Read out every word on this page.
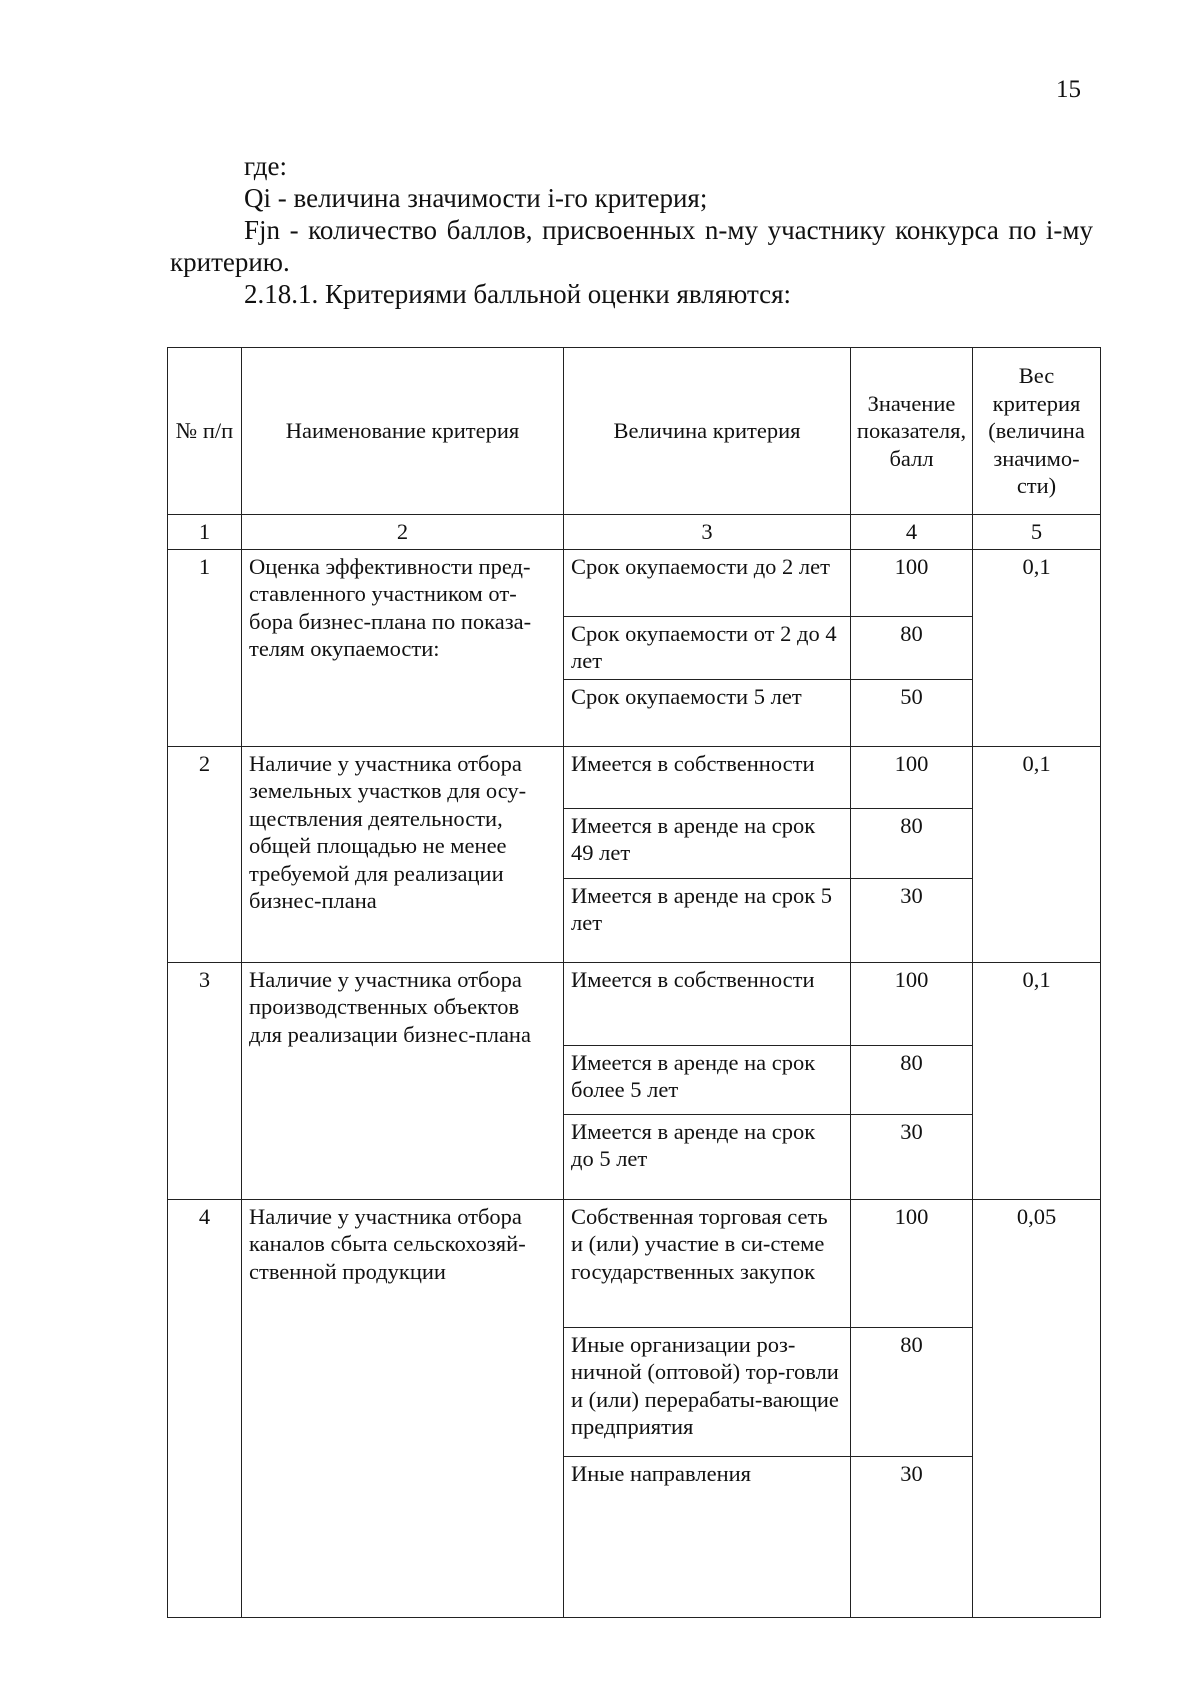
15

где:

Qi - величина значимости i-го критерия;

Fjn - количество баллов, присвоенных n-му участнику конкурса по i-му критерию.

2.18.1. Критериями балльной оценки являются:

№ п/п	Наименование критерия	Величина критерия	Значение показателя, балл	Вес критерия (величина значимо-сти)
1	2	3	4	5
1	Оценка эффективности пред-ставленного участником от-бора бизнес-плана по показа-телям окупаемости:	Срок окупаемости до 2 лет	100	0,1
		Срок окупаемости от 2 до 4 лет	80	
		Срок окупаемости 5 лет	50	
2	Наличие у участника отбора земельных участков для осу-ществления деятельности, общей площадью не менее требуемой для реализации бизнес-плана	Имеется в собственности	100	0,1
		Имеется в аренде на срок 49 лет	80	
		Имеется в аренде на срок 5 лет	30	
3	Наличие у участника отбора производственных объектов для реализации бизнес-плана	Имеется в собственности	100	0,1
		Имеется в аренде на срок более 5 лет	80	
		Имеется в аренде на срок до 5 лет	30	
4	Наличие у участника отбора каналов сбыта сельскохозяй-ственной продукции	Собственная торговая сеть и (или) участие в си-стеме государственных закупок	100	0,05
		Иные организации роз-ничной (оптовой) тор-говли и (или) перерабаты-вающие предприятия	80	
		Иные направления	30	
